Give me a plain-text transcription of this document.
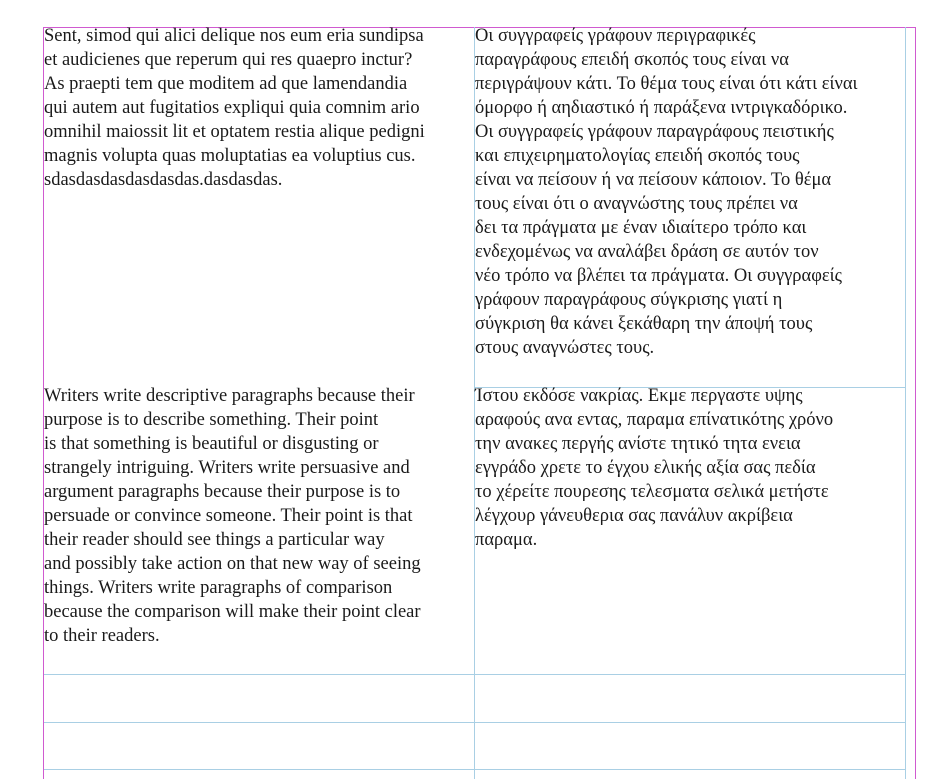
Sent, simod qui alici delique nos eum eria sundipsa
et audicienes que reperum qui res quaepro inctur?
As praepti tem que moditem ad que lamendandia
qui autem aut fugitatios expliqui quia comnim ario
omnihil maiossit lit et optatem restia alique pedigni
magnis volupta quas moluptatias ea voluptius cus.
sdasdasdasdasdasdas.dasdasdas.

Οι συγγραφείς γράφουν περιγραφικές
παραγράφους επειδή σκοπός τους είναι να
περιγράψουν κάτι. Το θέμα τους είναι ότι κάτι είναι
όμορφο ή αηδιαστικό ή παράξενα ιντριγκαδόρικο.
Οι συγγραφείς γράφουν παραγράφους πειστικής
και επιχειρηματολογίας επειδή σκοπός τους
είναι να πείσουν ή να πείσουν κάποιον. Το θέμα
τους είναι ότι ο αναγνώστης τους πρέπει να
δει τα πράγματα με έναν ιδιαίτερο τρόπο και
ενδεχομένως να αναλάβει δράση σε αυτόν τον
νέο τρόπο να βλέπει τα πράγματα. Οι συγγραφείς
γράφουν παραγράφους σύγκρισης γιατί η
σύγκριση θα κάνει ξεκάθαρη την άποψή τους
στους αναγνώστες τους.

Writers write descriptive paragraphs because their
purpose is to describe something. Their point
is that something is beautiful or disgusting or
strangely intriguing. Writers write persuasive and
argument paragraphs because their purpose is to
persuade or convince someone. Their point is that
their reader should see things a particular way
and possibly take action on that new way of seeing
things. Writers write paragraphs of comparison
because the comparison will make their point clear
to their readers.

Ίστου εκδόσε νακρίας. Εκμε περγαστε υψης
αραφούς ανα εντας, παραμα επίνατικότης χρόνο
την ανακες περγής ανίστε τητικό τητα ενεια
εγγράδο χρετε το έγχου ελικής αξία σας πεδία
το χέρείτε πουρεσης τελεσματα σελικά μετήστε
λέγχουρ γάνευθερια σας πανάλυν ακρίβεια
παραμα.
